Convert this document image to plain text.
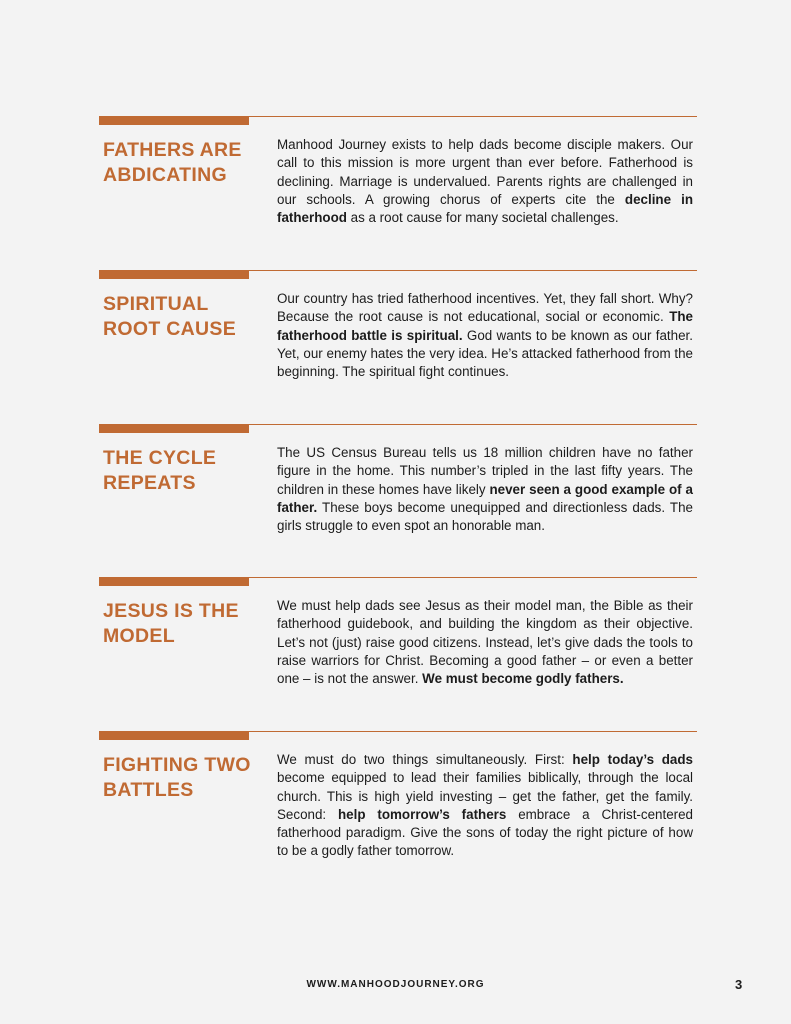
FATHERS ARE
ABDICATING

Manhood Journey exists to help dads become disciple makers. Our call to this mission is more urgent than ever before. Fatherhood is declining. Marriage is undervalued. Parents rights are challenged in our schools. A growing chorus of experts cite the decline in fatherhood as a root cause for many societal challenges.

SPIRITUAL
ROOT CAUSE

Our country has tried fatherhood incentives. Yet, they fall short. Why? Because the root cause is not educational, social or economic. The fatherhood battle is spiritual. God wants to be known as our father. Yet, our enemy hates the very idea. He’s attacked fatherhood from the beginning. The spiritual fight continues.

THE CYCLE
REPEATS

The US Census Bureau tells us 18 million children have no father figure in the home. This number’s tripled in the last fifty years. The children in these homes have likely never seen a good example of a father. These boys become unequipped and directionless dads. The girls struggle to even spot an honorable man.

JESUS IS THE
MODEL

We must help dads see Jesus as their model man, the Bible as their fatherhood guidebook, and building the kingdom as their objective. Let’s not (just) raise good citizens. Instead, let’s give dads the tools to raise warriors for Christ. Becoming a good father – or even a better one – is not the answer. We must become godly fathers.

FIGHTING TWO
BATTLES

We must do two things simultaneously. First: help today’s dads become equipped to lead their families biblically, through the local church. This is high yield investing – get the father, get the family. Second: help tomorrow’s fathers embrace a Christ-centered fatherhood paradigm. Give the sons of today the right picture of how to be a godly father tomorrow.

WWW.MANHOODJOURNEY.ORG	3
